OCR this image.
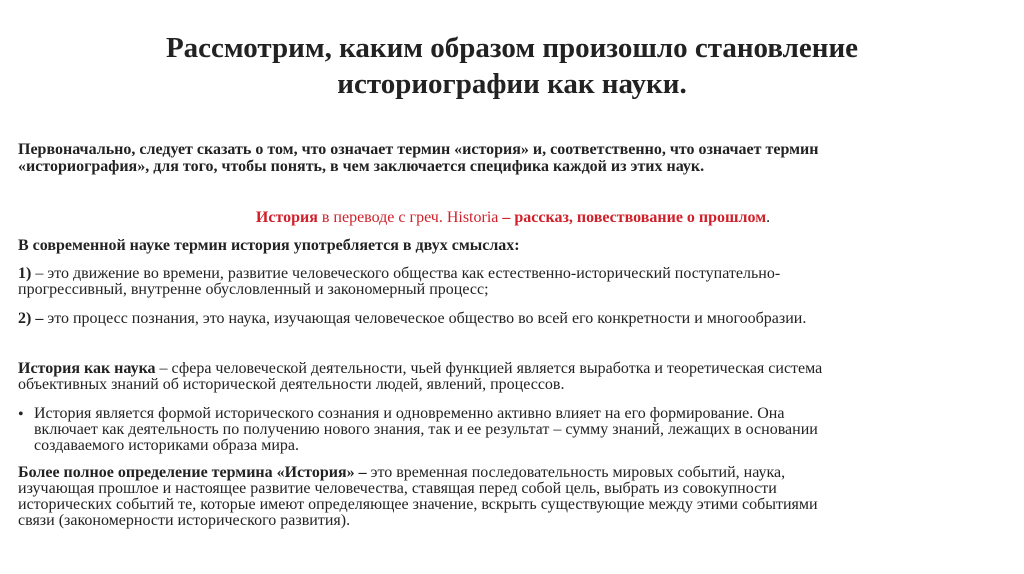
Рассмотрим, каким образом произошло становление
историографии как науки.
Первоначально, следует сказать о том, что означает термин «история» и, соответственно, что означает термин
«историография», для того, чтобы понять, в чем заключается специфика каждой из этих наук.
История в переводе с греч. Historia – рассказ, повествование о прошлом.
В современной науке термин история употребляется в двух смыслах:
1) – это движение во времени, развитие человеческого общества как естественно-исторический поступательно-
прогрессивный, внутренне обусловленный и закономерный процесс;
2) – это процесс познания, это наука, изучающая человеческое общество во всей его конкретности и многообразии.
История как наука – сфера человеческой деятельности, чьей функцией является выработка и теоретическая система
объективных знаний об исторической деятельности людей, явлений, процессов.
• История является формой исторического сознания и одновременно активно влияет на его формирование. Она
включает как деятельность по получению нового знания, так и ее результат – сумму знаний, лежащих в основании
создаваемого историками образа мира.
Более полное определение термина «История» – это временная последовательность мировых событий, наука,
изучающая прошлое и настоящее развитие человечества, ставящая перед собой цель, выбрать из совокупности
исторических событий те, которые имеют определяющее значение, вскрыть существующие между этими событиями
связи (закономерности исторического развития).
